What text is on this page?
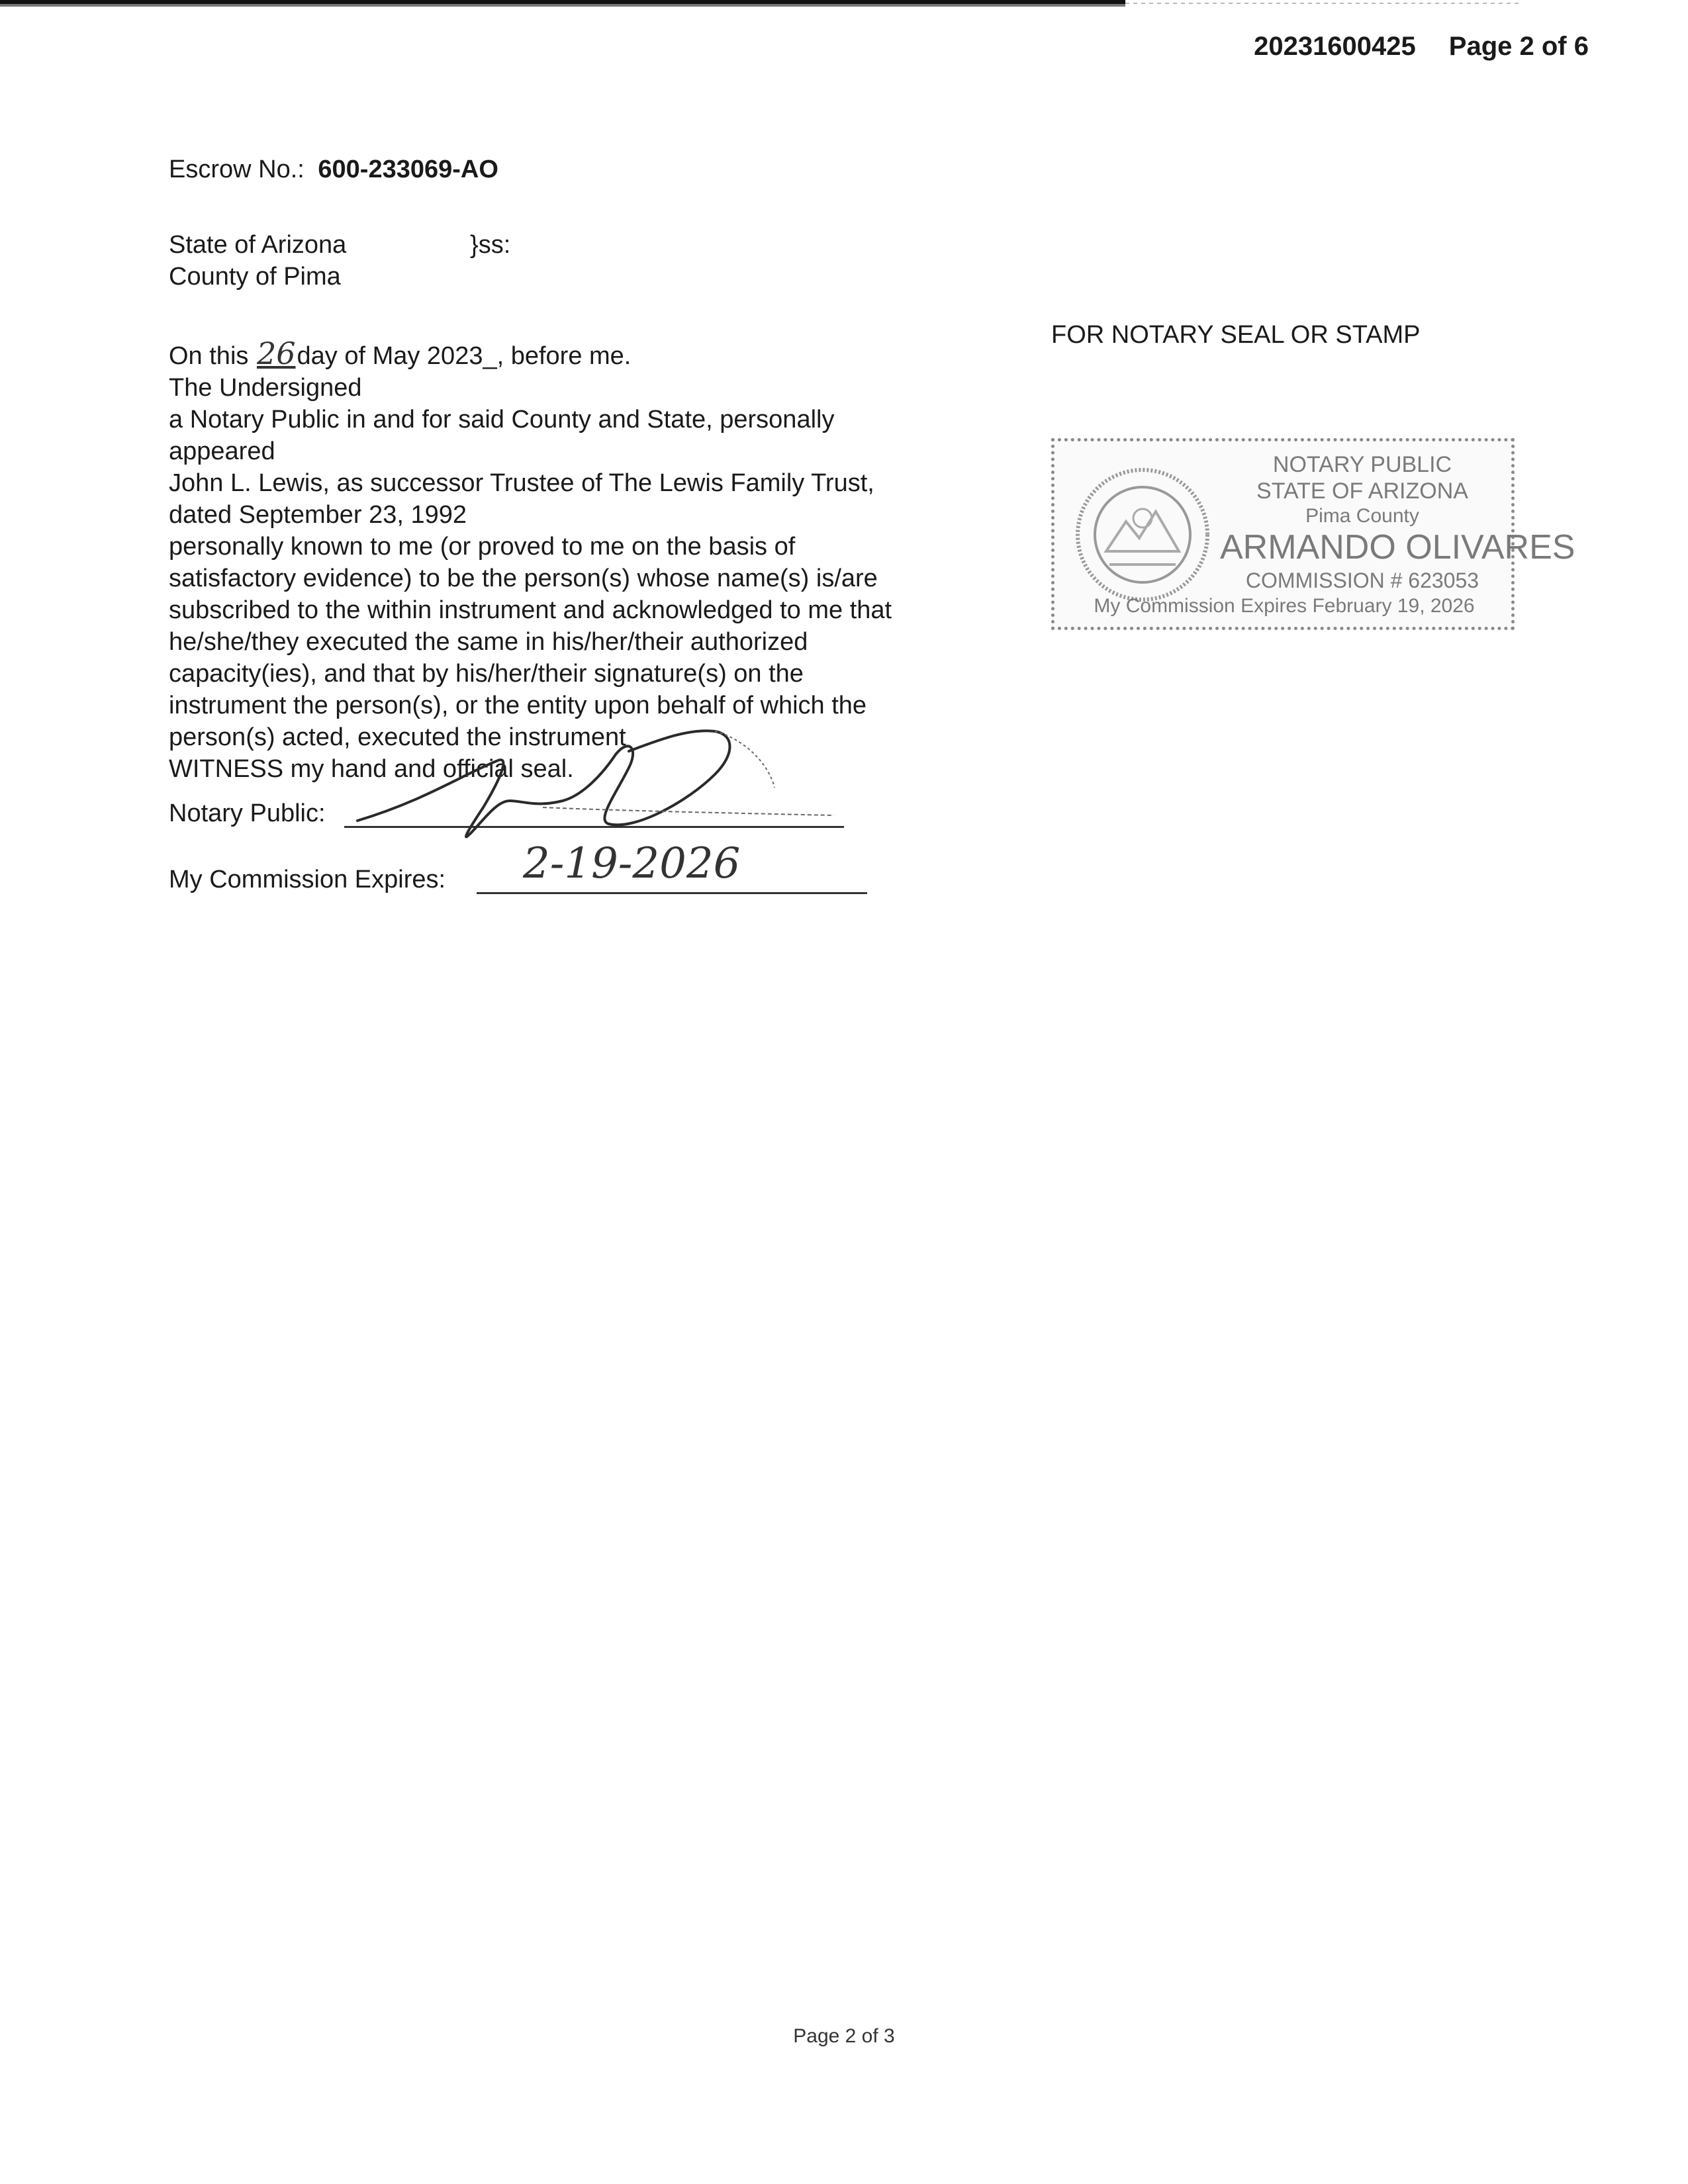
20231600425 Page 2 of 6
Escrow No.: 600-233069-AO
State of Arizona	}ss:
County of Pima
On this 26day of May 2023_, before me.
The Undersigned
a Notary Public in and for said County and State, personally
appeared
John L. Lewis, as successor Trustee of The Lewis Family Trust,
dated September 23, 1992
personally known to me (or proved to me on the basis of
satisfactory evidence) to be the person(s) whose name(s) is/are
subscribed to the within instrument and acknowledged to me that
he/she/they executed the same in his/her/their authorized
capacity(ies), and that by his/her/their signature(s) on the
instrument the person(s), or the entity upon behalf of which the
person(s) acted, executed the instrument
WITNESS my hand and official seal.
Notary Public:
My Commission Expires: 2-19-2026
FOR NOTARY SEAL OR STAMP
NOTARY PUBLIC
STATE OF ARIZONA
Pima County
ARMANDO OLIVARES
COMMISSION # 623053
My Commission Expires February 19, 2026
Page 2 of 3
